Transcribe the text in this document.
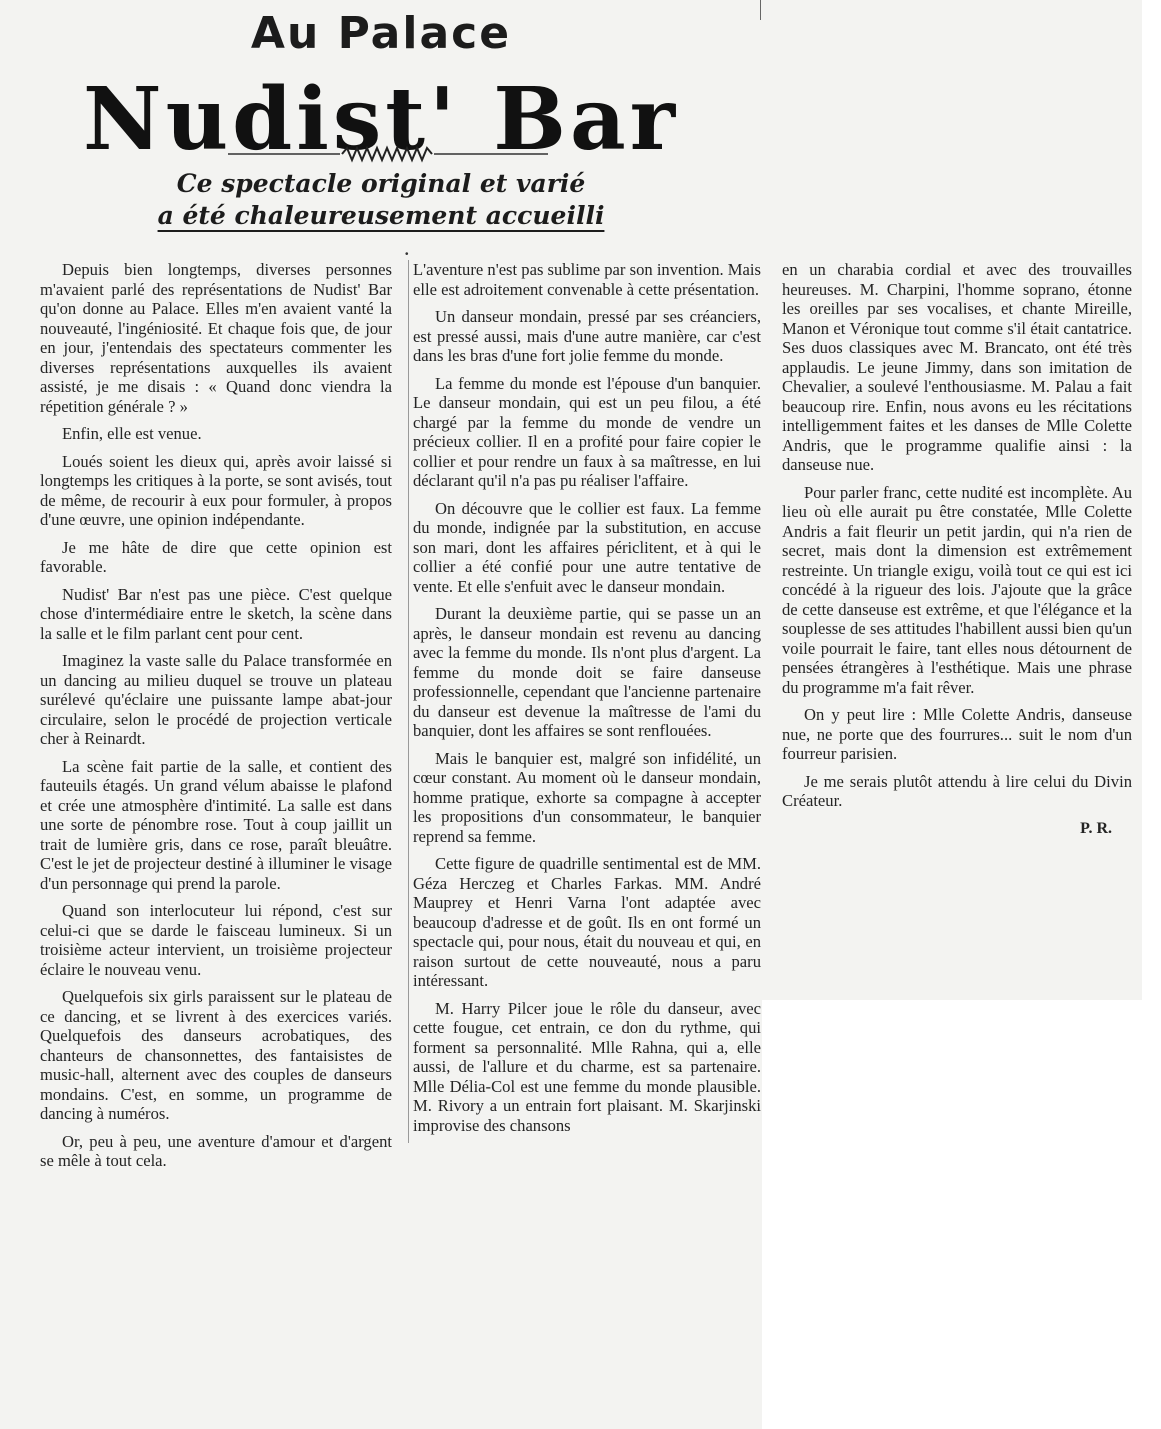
Au Palace
Nudist' Bar
Ce spectacle original et varié
a été chaleureusement accueilli
•

Depuis bien longtemps, diverses personnes m'avaient parlé des représentations de Nudist' Bar qu'on donne au Palace. Elles m'en avaient vanté la nouveauté, l'ingéniosité. Et chaque fois que, de jour en jour, j'entendais des spectateurs commenter les diverses représentations auxquelles ils avaient assisté, je me disais : « Quand donc viendra la répetition générale ? »

Enfin, elle est venue.

Loués soient les dieux qui, après avoir laissé si longtemps les critiques à la porte, se sont avisés, tout de même, de recourir à eux pour formuler, à propos d'une œuvre, une opinion indépendante.

Je me hâte de dire que cette opinion est favorable.

Nudist' Bar n'est pas une pièce. C'est quelque chose d'intermédiaire entre le sketch, la scène dans la salle et le film parlant cent pour cent.

Imaginez la vaste salle du Palace transformée en un dancing au milieu duquel se trouve un plateau surélevé qu'éclaire une puissante lampe abat-jour circulaire, selon le procédé de projection verticale cher à Reinardt.

La scène fait partie de la salle, et contient des fauteuils étagés. Un grand vélum abaisse le plafond et crée une atmosphère d'intimité. La salle est dans une sorte de pénombre rose. Tout à coup jaillit un trait de lumière gris, dans ce rose, paraît bleuâtre. C'est le jet de projecteur destiné à illuminer le visage d'un personnage qui prend la parole.

Quand son interlocuteur lui répond, c'est sur celui-ci que se darde le faisceau lumineux. Si un troisième acteur intervient, un troisième projecteur éclaire le nouveau venu.

Quelquefois six girls paraissent sur le plateau de ce dancing, et se livrent à des exercices variés. Quelquefois des danseurs acrobatiques, des chanteurs de chansonnettes, des fantaisistes de music-hall, alternent avec des couples de danseurs mondains. C'est, en somme, un programme de dancing à numéros.

Or, peu à peu, une aventure d'amour et d'argent se mêle à tout cela.

L'aventure n'est pas sublime par son invention. Mais elle est adroitement convenable à cette présentation.

Un danseur mondain, pressé par ses créanciers, est pressé aussi, mais d'une autre manière, car c'est dans les bras d'une fort jolie femme du monde.

La femme du monde est l'épouse d'un banquier. Le danseur mondain, qui est un peu filou, a été chargé par la femme du monde de vendre un précieux collier. Il en a profité pour faire copier le collier et pour rendre un faux à sa maîtresse, en lui déclarant qu'il n'a pas pu réaliser l'affaire.

On découvre que le collier est faux. La femme du monde, indignée par la substitution, en accuse son mari, dont les affaires périclitent, et à qui le collier a été confié pour une autre tentative de vente. Et elle s'enfuit avec le danseur mondain.

Durant la deuxième partie, qui se passe un an après, le danseur mondain est revenu au dancing avec la femme du monde. Ils n'ont plus d'argent. La femme du monde doit se faire danseuse professionnelle, cependant que l'ancienne partenaire du danseur est devenue la maîtresse de l'ami du banquier, dont les affaires se sont renflouées.

Mais le banquier est, malgré son infidélité, un cœur constant. Au moment où le danseur mondain, homme pratique, exhorte sa compagne à accepter les propositions d'un consommateur, le banquier reprend sa femme.

Cette figure de quadrille sentimental est de MM. Géza Herczeg et Charles Farkas. MM. André Mauprey et Henri Varna l'ont adaptée avec beaucoup d'adresse et de goût. Ils en ont formé un spectacle qui, pour nous, était du nouveau et qui, en raison surtout de cette nouveauté, nous a paru intéressant.

M. Harry Pilcer joue le rôle du danseur, avec cette fougue, cet entrain, ce don du rythme, qui forment sa personnalité. Mlle Rahna, qui a, elle aussi, de l'allure et du charme, est sa partenaire. Mlle Délia-Col est une femme du monde plausible. M. Rivory a un entrain fort plaisant. M. Skarjinski improvise des chansons

en un charabia cordial et avec des trouvailles heureuses. M. Charpini, l'homme soprano, étonne les oreilles par ses vocalises, et chante Mireille, Manon et Véronique tout comme s'il était cantatrice. Ses duos classiques avec M. Brancato, ont été très applaudis. Le jeune Jimmy, dans son imitation de Chevalier, a soulevé l'enthousiasme. M. Palau a fait beaucoup rire. Enfin, nous avons eu les récitations intelligemment faites et les danses de Mlle Colette Andris, que le programme qualifie ainsi : la danseuse nue.

Pour parler franc, cette nudité est incomplète. Au lieu où elle aurait pu être constatée, Mlle Colette Andris a fait fleurir un petit jardin, qui n'a rien de secret, mais dont la dimension est extrêmement restreinte. Un triangle exigu, voilà tout ce qui est ici concédé à la rigueur des lois. J'ajoute que la grâce de cette danseuse est extrême, et que l'élégance et la souplesse de ses attitudes l'habillent aussi bien qu'un voile pourrait le faire, tant elles nous détournent de pensées étrangères à l'esthétique. Mais une phrase du programme m'a fait rêver.

On y peut lire : Mlle Colette Andris, danseuse nue, ne porte que des fourrures... suit le nom d'un fourreur parisien.

Je me serais plutôt attendu à lire celui du Divin Créateur.

P. R.
